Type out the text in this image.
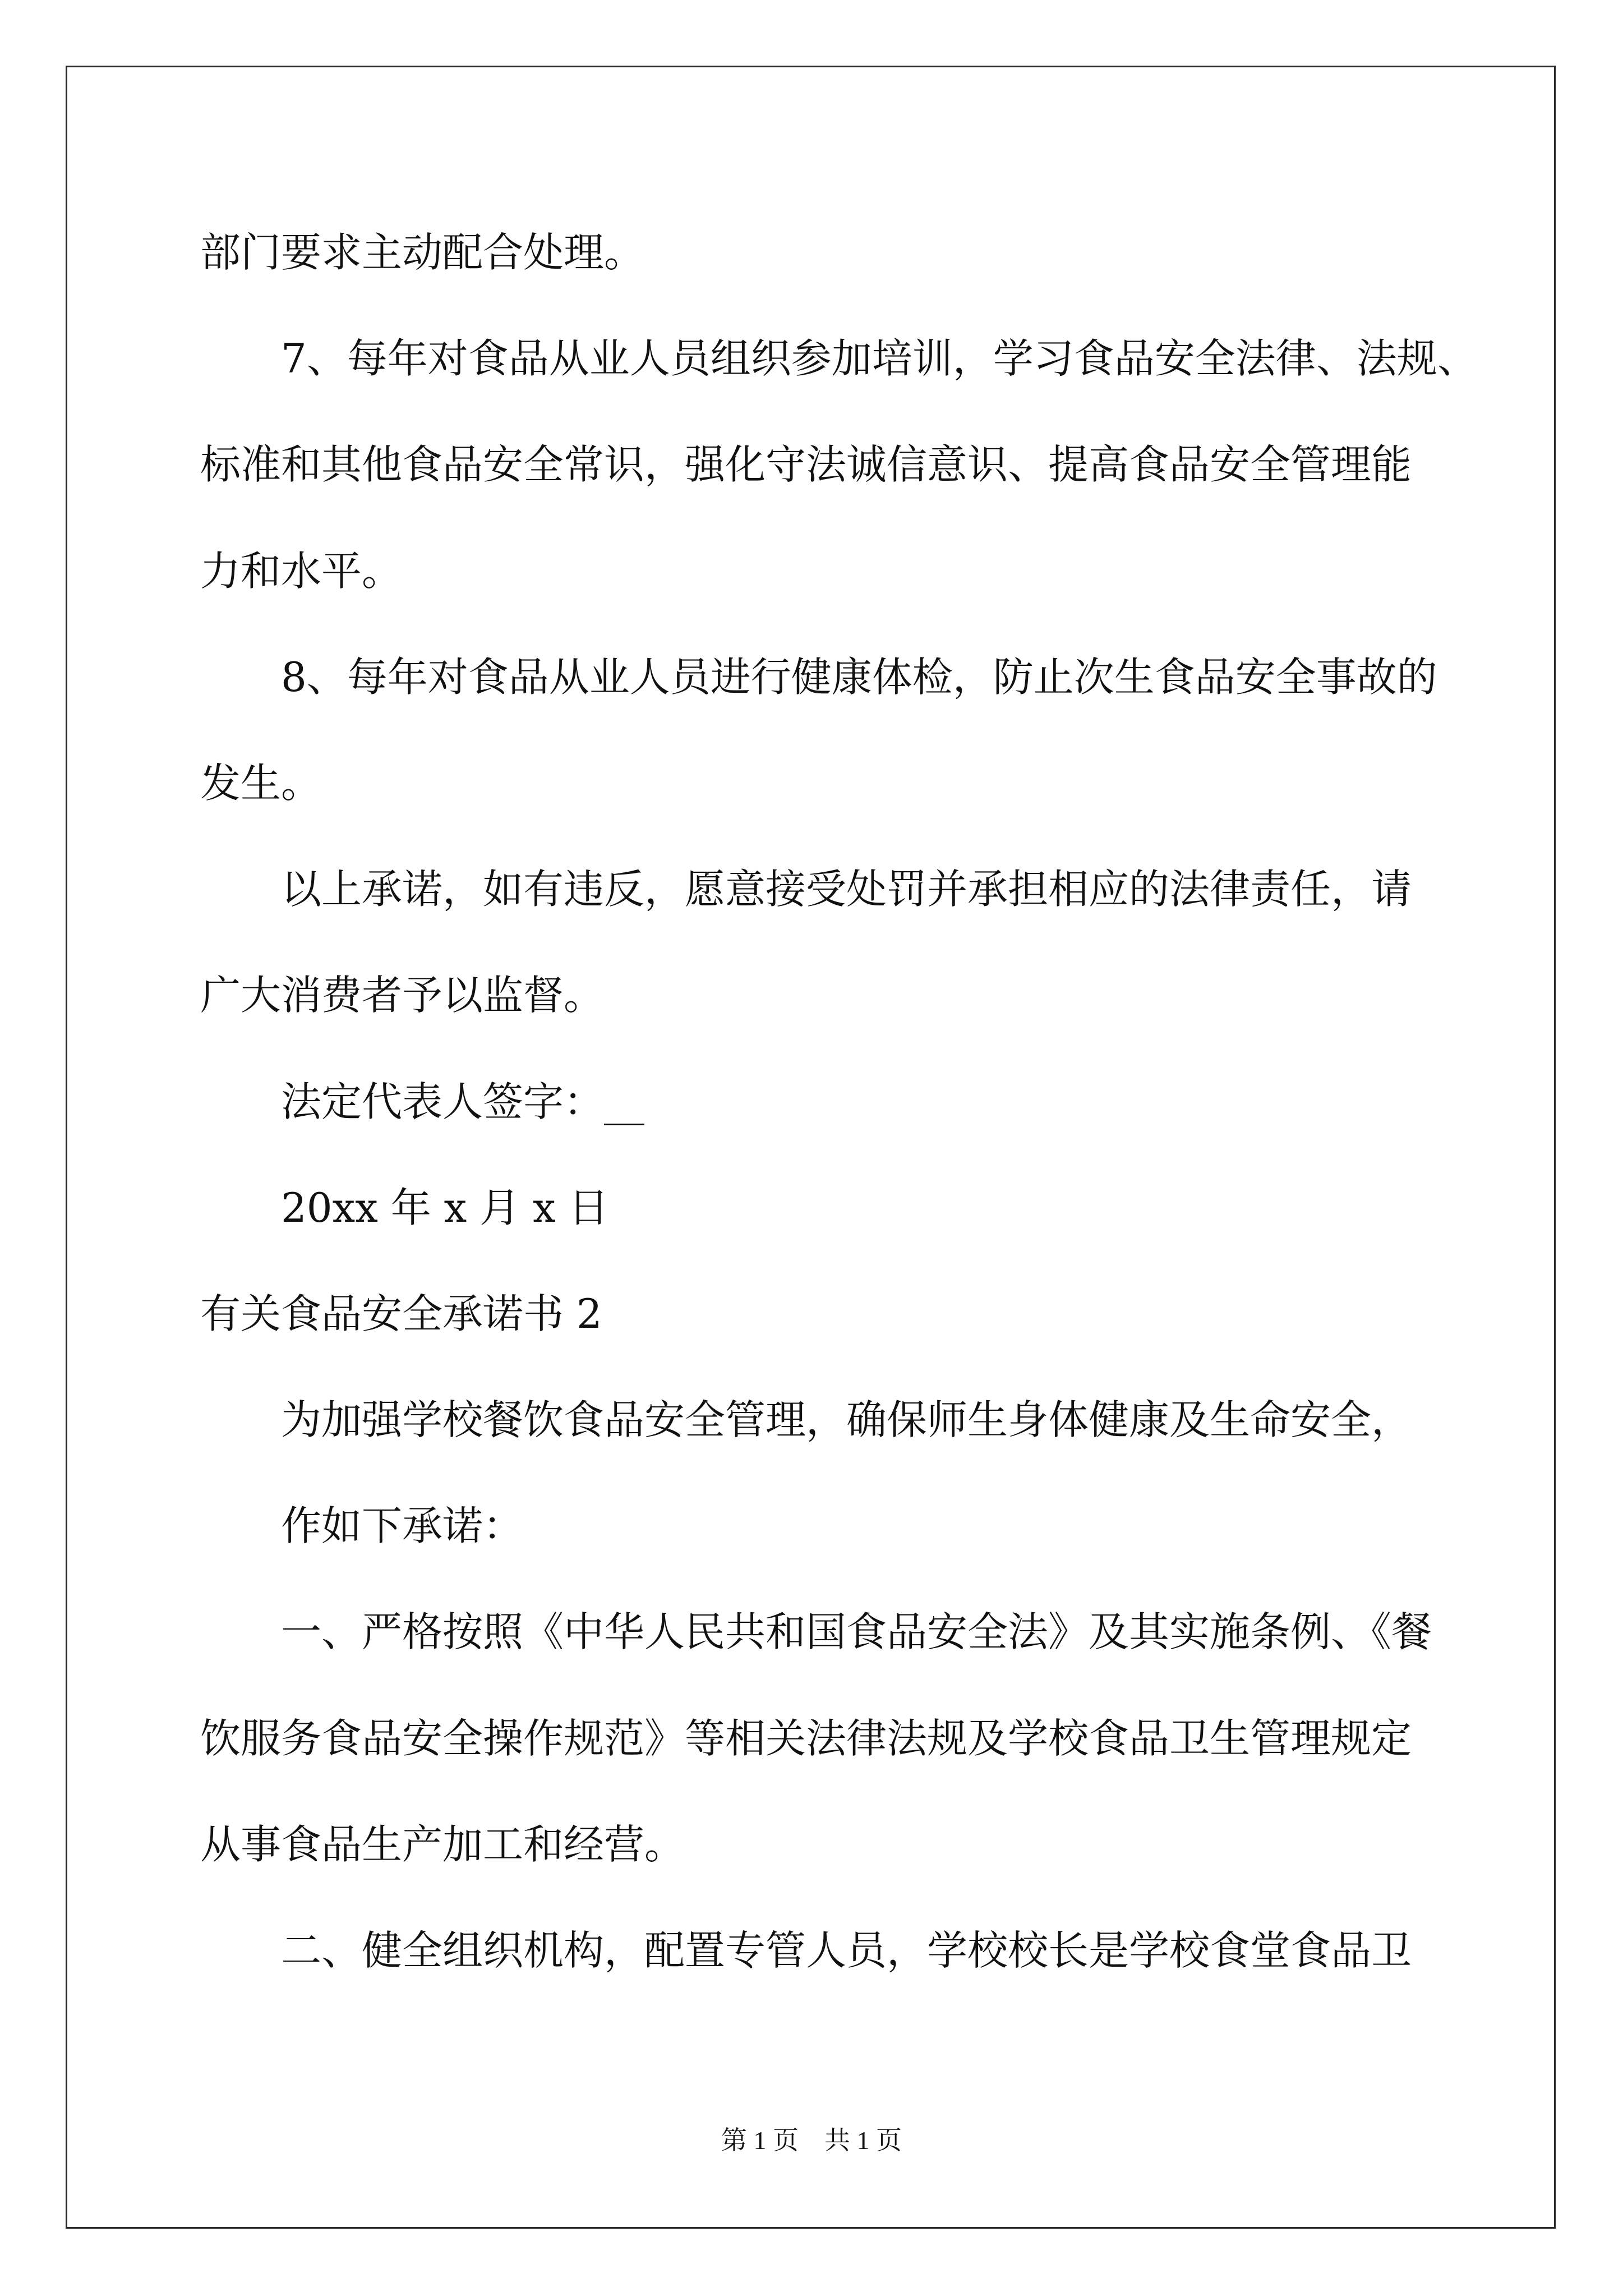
部门要求主动配合处理。
7、每年对食品从业人员组织参加培训，学习食品安全法律、法规、
标准和其他食品安全常识，强化守法诚信意识、提高食品安全管理能
力和水平。
8、每年对食品从业人员进行健康体检，防止次生食品安全事故的
发生。
以上承诺，如有违反，愿意接受处罚并承担相应的法律责任，请
广大消费者予以监督。
法定代表人签字：__
20xx 年 x 月 x 日
有关食品安全承诺书 2
为加强学校餐饮食品安全管理，确保师生身体健康及生命安全，
作如下承诺：
一、严格按照《中华人民共和国食品安全法》及其实施条例、《餐
饮服务食品安全操作规范》等相关法律法规及学校食品卫生管理规定
从事食品生产加工和经营。
二、健全组织机构，配置专管人员，学校校长是学校食堂食品卫
第 1 页　共 1 页
